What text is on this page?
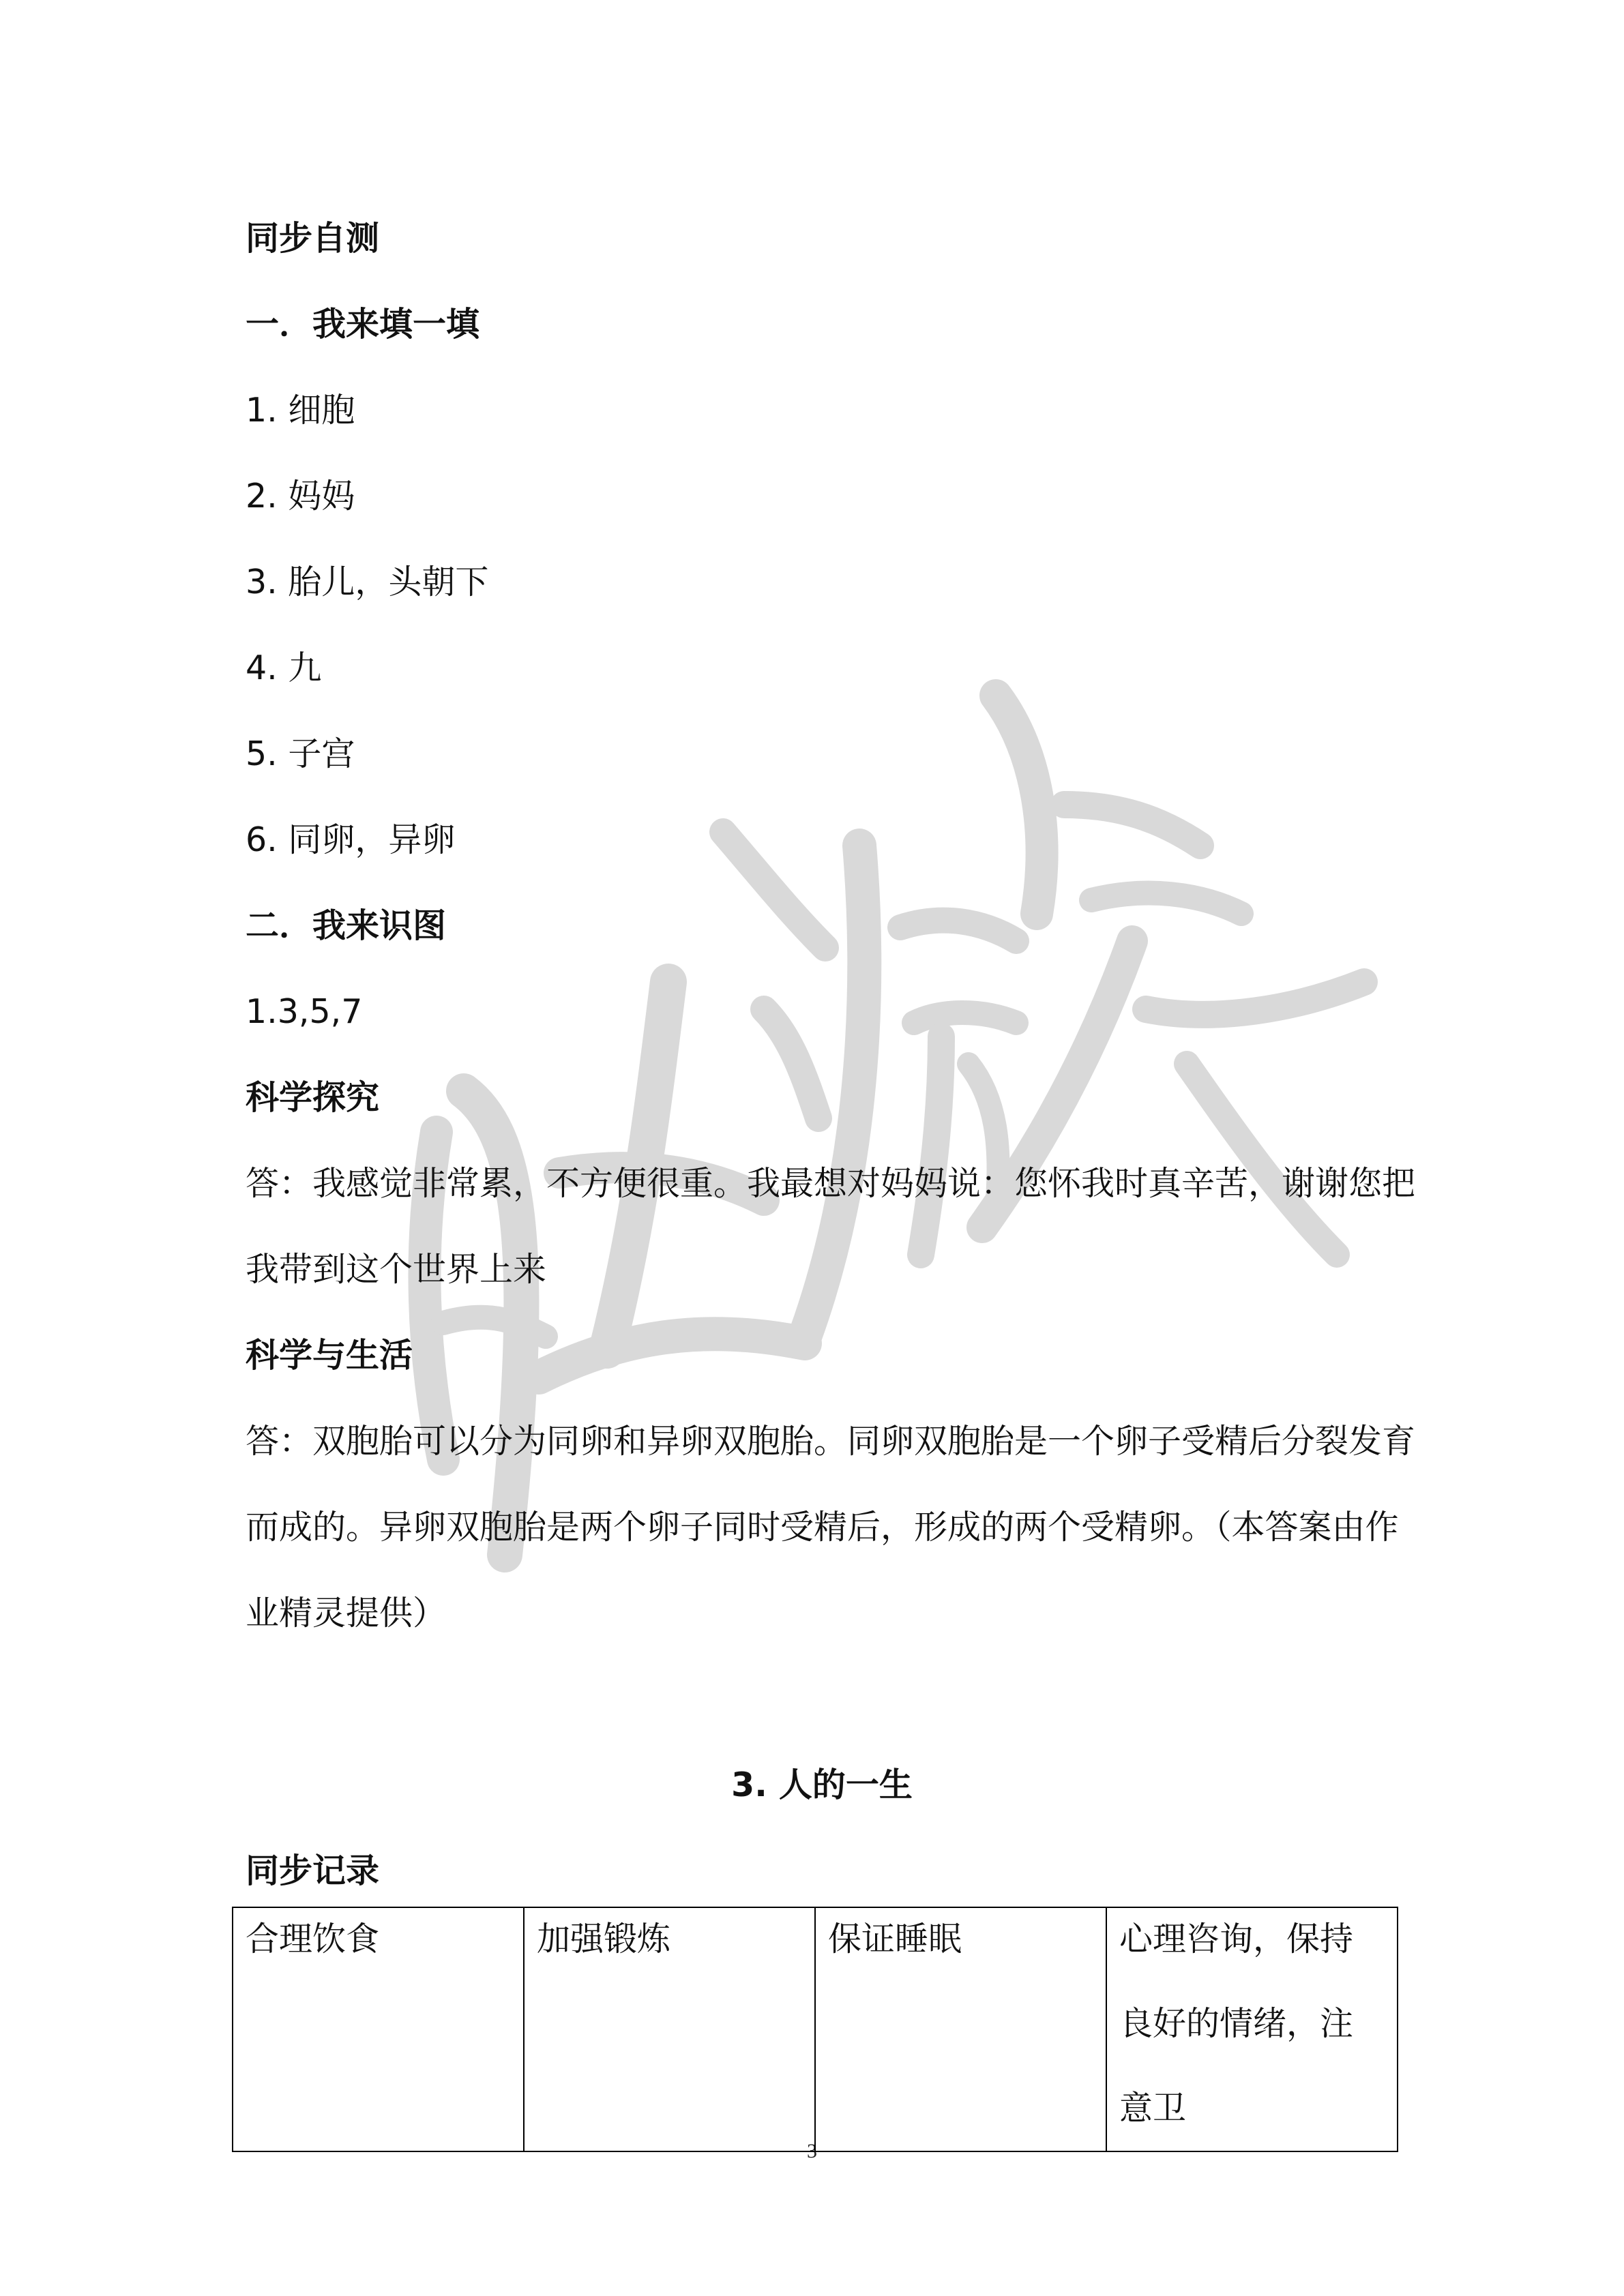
同步自测
一．我来填一填
1. 细胞
2. 妈妈
3. 胎儿，头朝下
4. 九
5. 子宫
6. 同卵，异卵
二．我来识图
1.3,5,7
科学探究
答：我感觉非常累，不方便很重。我最想对妈妈说：您怀我时真辛苦，谢谢您把
我带到这个世界上来
科学与生活
答：双胞胎可以分为同卵和异卵双胞胎。同卵双胞胎是一个卵子受精后分裂发育
而成的。异卵双胞胎是两个卵子同时受精后，形成的两个受精卵。（本答案由作
业精灵提供）
3. 人的一生
同步记录
合理饮食	加强锻炼	保证睡眠	心理咨询，保持良好的情绪，注意卫
3
